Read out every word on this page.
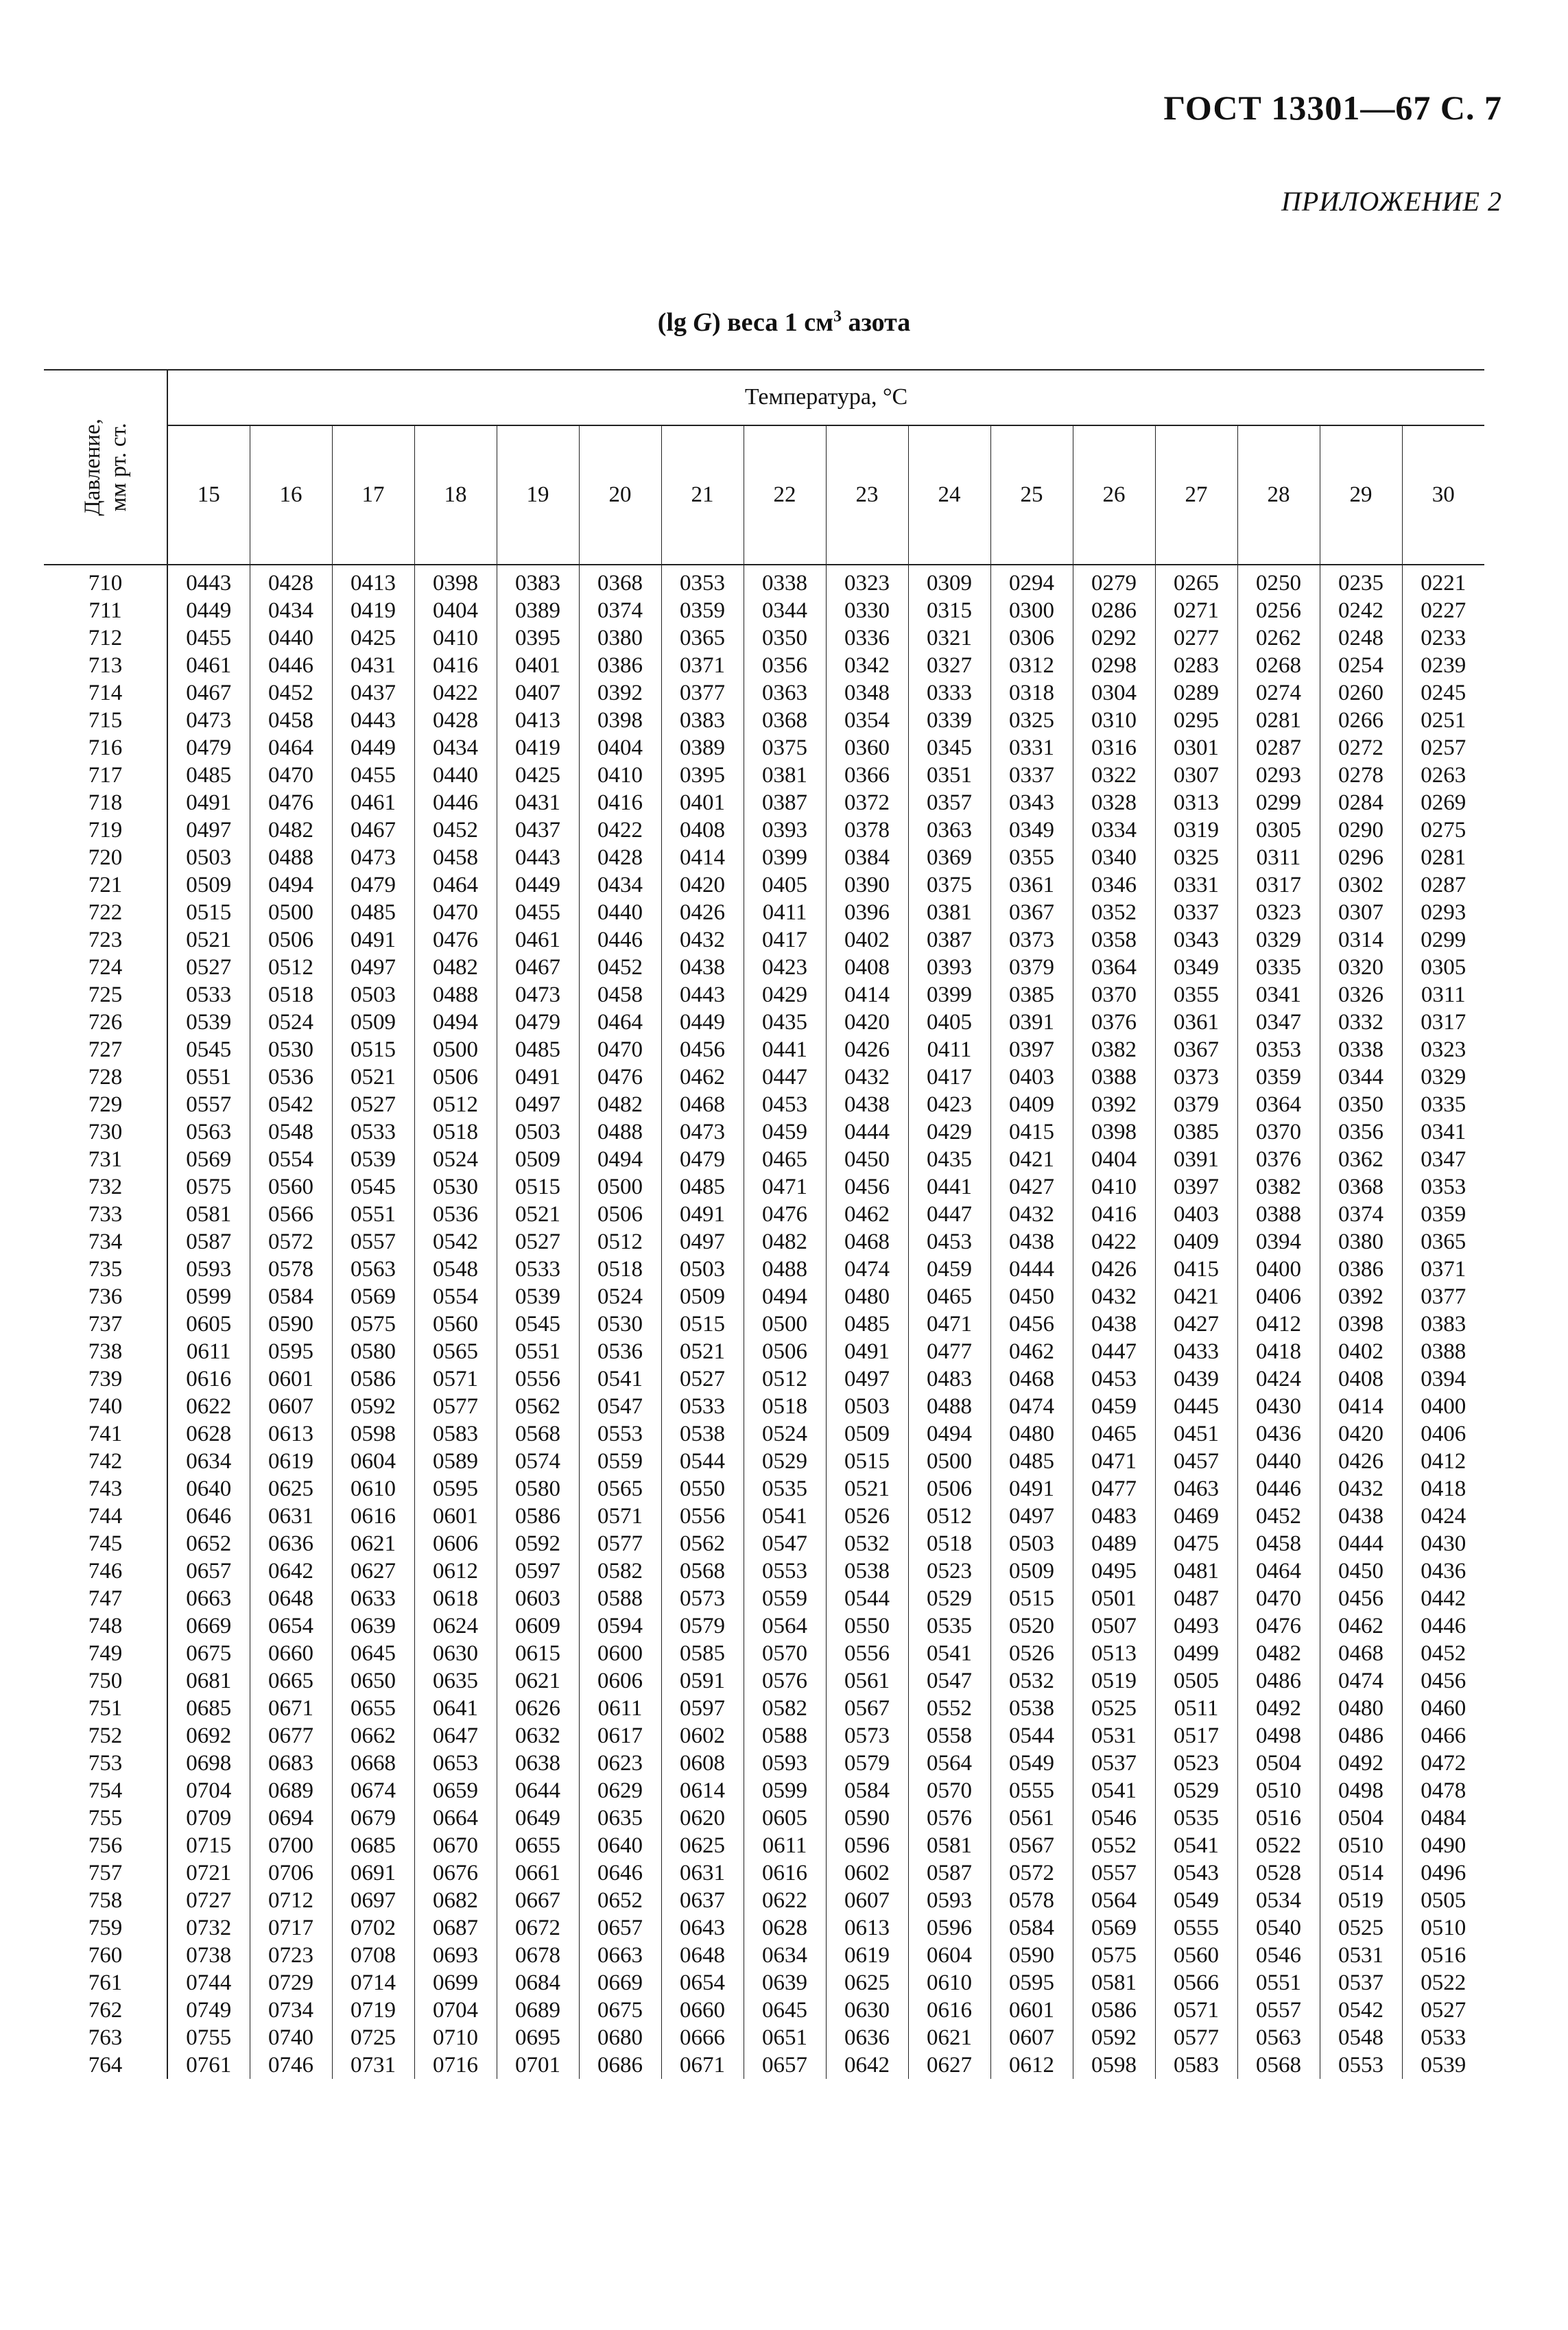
ГОСТ 13301—67 С. 7
ПРИЛОЖЕНИЕ 2
(lg G) веса 1 $см^3$ азота
Давление, мм рт. ст.	Температура, °С															
	15	16	17	18	19	20	21	22	23	24	25	26	27	28	29	30
710	0443	0428	0413	0398	0383	0368	0353	0338	0323	0309	0294	0279	0265	0250	0235	0221
711	0449	0434	0419	0404	0389	0374	0359	0344	0330	0315	0300	0286	0271	0256	0242	0227
712	0455	0440	0425	0410	0395	0380	0365	0350	0336	0321	0306	0292	0277	0262	0248	0233
713	0461	0446	0431	0416	0401	0386	0371	0356	0342	0327	0312	0298	0283	0268	0254	0239
714	0467	0452	0437	0422	0407	0392	0377	0363	0348	0333	0318	0304	0289	0274	0260	0245
715	0473	0458	0443	0428	0413	0398	0383	0368	0354	0339	0325	0310	0295	0281	0266	0251
716	0479	0464	0449	0434	0419	0404	0389	0375	0360	0345	0331	0316	0301	0287	0272	0257
717	0485	0470	0455	0440	0425	0410	0395	0381	0366	0351	0337	0322	0307	0293	0278	0263
718	0491	0476	0461	0446	0431	0416	0401	0387	0372	0357	0343	0328	0313	0299	0284	0269
719	0497	0482	0467	0452	0437	0422	0408	0393	0378	0363	0349	0334	0319	0305	0290	0275
720	0503	0488	0473	0458	0443	0428	0414	0399	0384	0369	0355	0340	0325	0311	0296	0281
721	0509	0494	0479	0464	0449	0434	0420	0405	0390	0375	0361	0346	0331	0317	0302	0287
722	0515	0500	0485	0470	0455	0440	0426	0411	0396	0381	0367	0352	0337	0323	0307	0293
723	0521	0506	0491	0476	0461	0446	0432	0417	0402	0387	0373	0358	0343	0329	0314	0299
724	0527	0512	0497	0482	0467	0452	0438	0423	0408	0393	0379	0364	0349	0335	0320	0305
725	0533	0518	0503	0488	0473	0458	0443	0429	0414	0399	0385	0370	0355	0341	0326	0311
726	0539	0524	0509	0494	0479	0464	0449	0435	0420	0405	0391	0376	0361	0347	0332	0317
727	0545	0530	0515	0500	0485	0470	0456	0441	0426	0411	0397	0382	0367	0353	0338	0323
728	0551	0536	0521	0506	0491	0476	0462	0447	0432	0417	0403	0388	0373	0359	0344	0329
729	0557	0542	0527	0512	0497	0482	0468	0453	0438	0423	0409	0392	0379	0364	0350	0335
730	0563	0548	0533	0518	0503	0488	0473	0459	0444	0429	0415	0398	0385	0370	0356	0341
731	0569	0554	0539	0524	0509	0494	0479	0465	0450	0435	0421	0404	0391	0376	0362	0347
732	0575	0560	0545	0530	0515	0500	0485	0471	0456	0441	0427	0410	0397	0382	0368	0353
733	0581	0566	0551	0536	0521	0506	0491	0476	0462	0447	0432	0416	0403	0388	0374	0359
734	0587	0572	0557	0542	0527	0512	0497	0482	0468	0453	0438	0422	0409	0394	0380	0365
735	0593	0578	0563	0548	0533	0518	0503	0488	0474	0459	0444	0426	0415	0400	0386	0371
736	0599	0584	0569	0554	0539	0524	0509	0494	0480	0465	0450	0432	0421	0406	0392	0377
737	0605	0590	0575	0560	0545	0530	0515	0500	0485	0471	0456	0438	0427	0412	0398	0383
738	0611	0595	0580	0565	0551	0536	0521	0506	0491	0477	0462	0447	0433	0418	0402	0388
739	0616	0601	0586	0571	0556	0541	0527	0512	0497	0483	0468	0453	0439	0424	0408	0394
740	0622	0607	0592	0577	0562	0547	0533	0518	0503	0488	0474	0459	0445	0430	0414	0400
741	0628	0613	0598	0583	0568	0553	0538	0524	0509	0494	0480	0465	0451	0436	0420	0406
742	0634	0619	0604	0589	0574	0559	0544	0529	0515	0500	0485	0471	0457	0440	0426	0412
743	0640	0625	0610	0595	0580	0565	0550	0535	0521	0506	0491	0477	0463	0446	0432	0418
744	0646	0631	0616	0601	0586	0571	0556	0541	0526	0512	0497	0483	0469	0452	0438	0424
745	0652	0636	0621	0606	0592	0577	0562	0547	0532	0518	0503	0489	0475	0458	0444	0430
746	0657	0642	0627	0612	0597	0582	0568	0553	0538	0523	0509	0495	0481	0464	0450	0436
747	0663	0648	0633	0618	0603	0588	0573	0559	0544	0529	0515	0501	0487	0470	0456	0442
748	0669	0654	0639	0624	0609	0594	0579	0564	0550	0535	0520	0507	0493	0476	0462	0446
749	0675	0660	0645	0630	0615	0600	0585	0570	0556	0541	0526	0513	0499	0482	0468	0452
750	0681	0665	0650	0635	0621	0606	0591	0576	0561	0547	0532	0519	0505	0486	0474	0456
751	0685	0671	0655	0641	0626	0611	0597	0582	0567	0552	0538	0525	0511	0492	0480	0460
752	0692	0677	0662	0647	0632	0617	0602	0588	0573	0558	0544	0531	0517	0498	0486	0466
753	0698	0683	0668	0653	0638	0623	0608	0593	0579	0564	0549	0537	0523	0504	0492	0472
754	0704	0689	0674	0659	0644	0629	0614	0599	0584	0570	0555	0541	0529	0510	0498	0478
755	0709	0694	0679	0664	0649	0635	0620	0605	0590	0576	0561	0546	0535	0516	0504	0484
756	0715	0700	0685	0670	0655	0640	0625	0611	0596	0581	0567	0552	0541	0522	0510	0490
757	0721	0706	0691	0676	0661	0646	0631	0616	0602	0587	0572	0557	0543	0528	0514	0496
758	0727	0712	0697	0682	0667	0652	0637	0622	0607	0593	0578	0564	0549	0534	0519	0505
759	0732	0717	0702	0687	0672	0657	0643	0628	0613	0596	0584	0569	0555	0540	0525	0510
760	0738	0723	0708	0693	0678	0663	0648	0634	0619	0604	0590	0575	0560	0546	0531	0516
761	0744	0729	0714	0699	0684	0669	0654	0639	0625	0610	0595	0581	0566	0551	0537	0522
762	0749	0734	0719	0704	0689	0675	0660	0645	0630	0616	0601	0586	0571	0557	0542	0527
763	0755	0740	0725	0710	0695	0680	0666	0651	0636	0621	0607	0592	0577	0563	0548	0533
764	0761	0746	0731	0716	0701	0686	0671	0657	0642	0627	0612	0598	0583	0568	0553	0539
